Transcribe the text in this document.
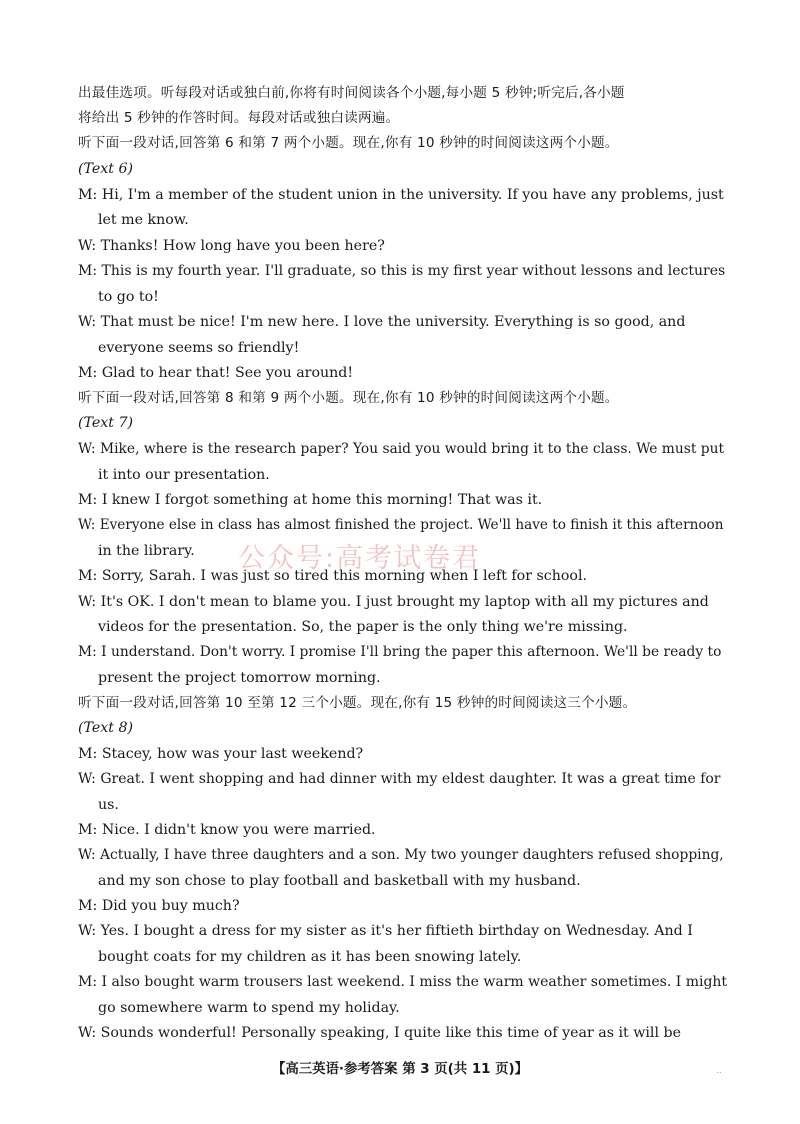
出最佳选项。听每段对话或独白前,你将有时间阅读各个小题,每小题 5 秒钟;听完后,各小题
将给出 5 秒钟的作答时间。每段对话或独白读两遍。
听下面一段对话,回答第 6 和第 7 两个小题。现在,你有 10 秒钟的时间阅读这两个小题。
(Text 6)
M: Hi, I'm a member of the student union in the university. If you have any problems, just
let me know.
W: Thanks! How long have you been here?
M: This is my fourth year. I'll graduate, so this is my first year without lessons and lectures
to go to!
W: That must be nice! I'm new here. I love the university. Everything is so good, and
everyone seems so friendly!
M: Glad to hear that! See you around!
听下面一段对话,回答第 8 和第 9 两个小题。现在,你有 10 秒钟的时间阅读这两个小题。
(Text 7)
W: Mike, where is the research paper? You said you would bring it to the class. We must put
it into our presentation.
M: I knew I forgot something at home this morning! That was it.
W: Everyone else in class has almost finished the project. We'll have to finish it this afternoon
in the library.
M: Sorry, Sarah. I was just so tired this morning when I left for school.
W: It's OK. I don't mean to blame you. I just brought my laptop with all my pictures and
videos for the presentation. So, the paper is the only thing we're missing.
M: I understand. Don't worry. I promise I'll bring the paper this afternoon. We'll be ready to
present the project tomorrow morning.
听下面一段对话,回答第 10 至第 12 三个小题。现在,你有 15 秒钟的时间阅读这三个小题。
(Text 8)
M: Stacey, how was your last weekend?
W: Great. I went shopping and had dinner with my eldest daughter. It was a great time for
us.
M: Nice. I didn't know you were married.
W: Actually, I have three daughters and a son. My two younger daughters refused shopping,
and my son chose to play football and basketball with my husband.
M: Did you buy much?
W: Yes. I bought a dress for my sister as it's her fiftieth birthday on Wednesday. And I
bought coats for my children as it has been snowing lately.
M: I also bought warm trousers last weekend. I miss the warm weather sometimes. I might
go somewhere warm to spend my holiday.
W: Sounds wonderful! Personally speaking, I quite like this time of year as it will be
公众号:高考试卷君
【高三英语·参考答案 第 3 页(共 11 页)】	..
